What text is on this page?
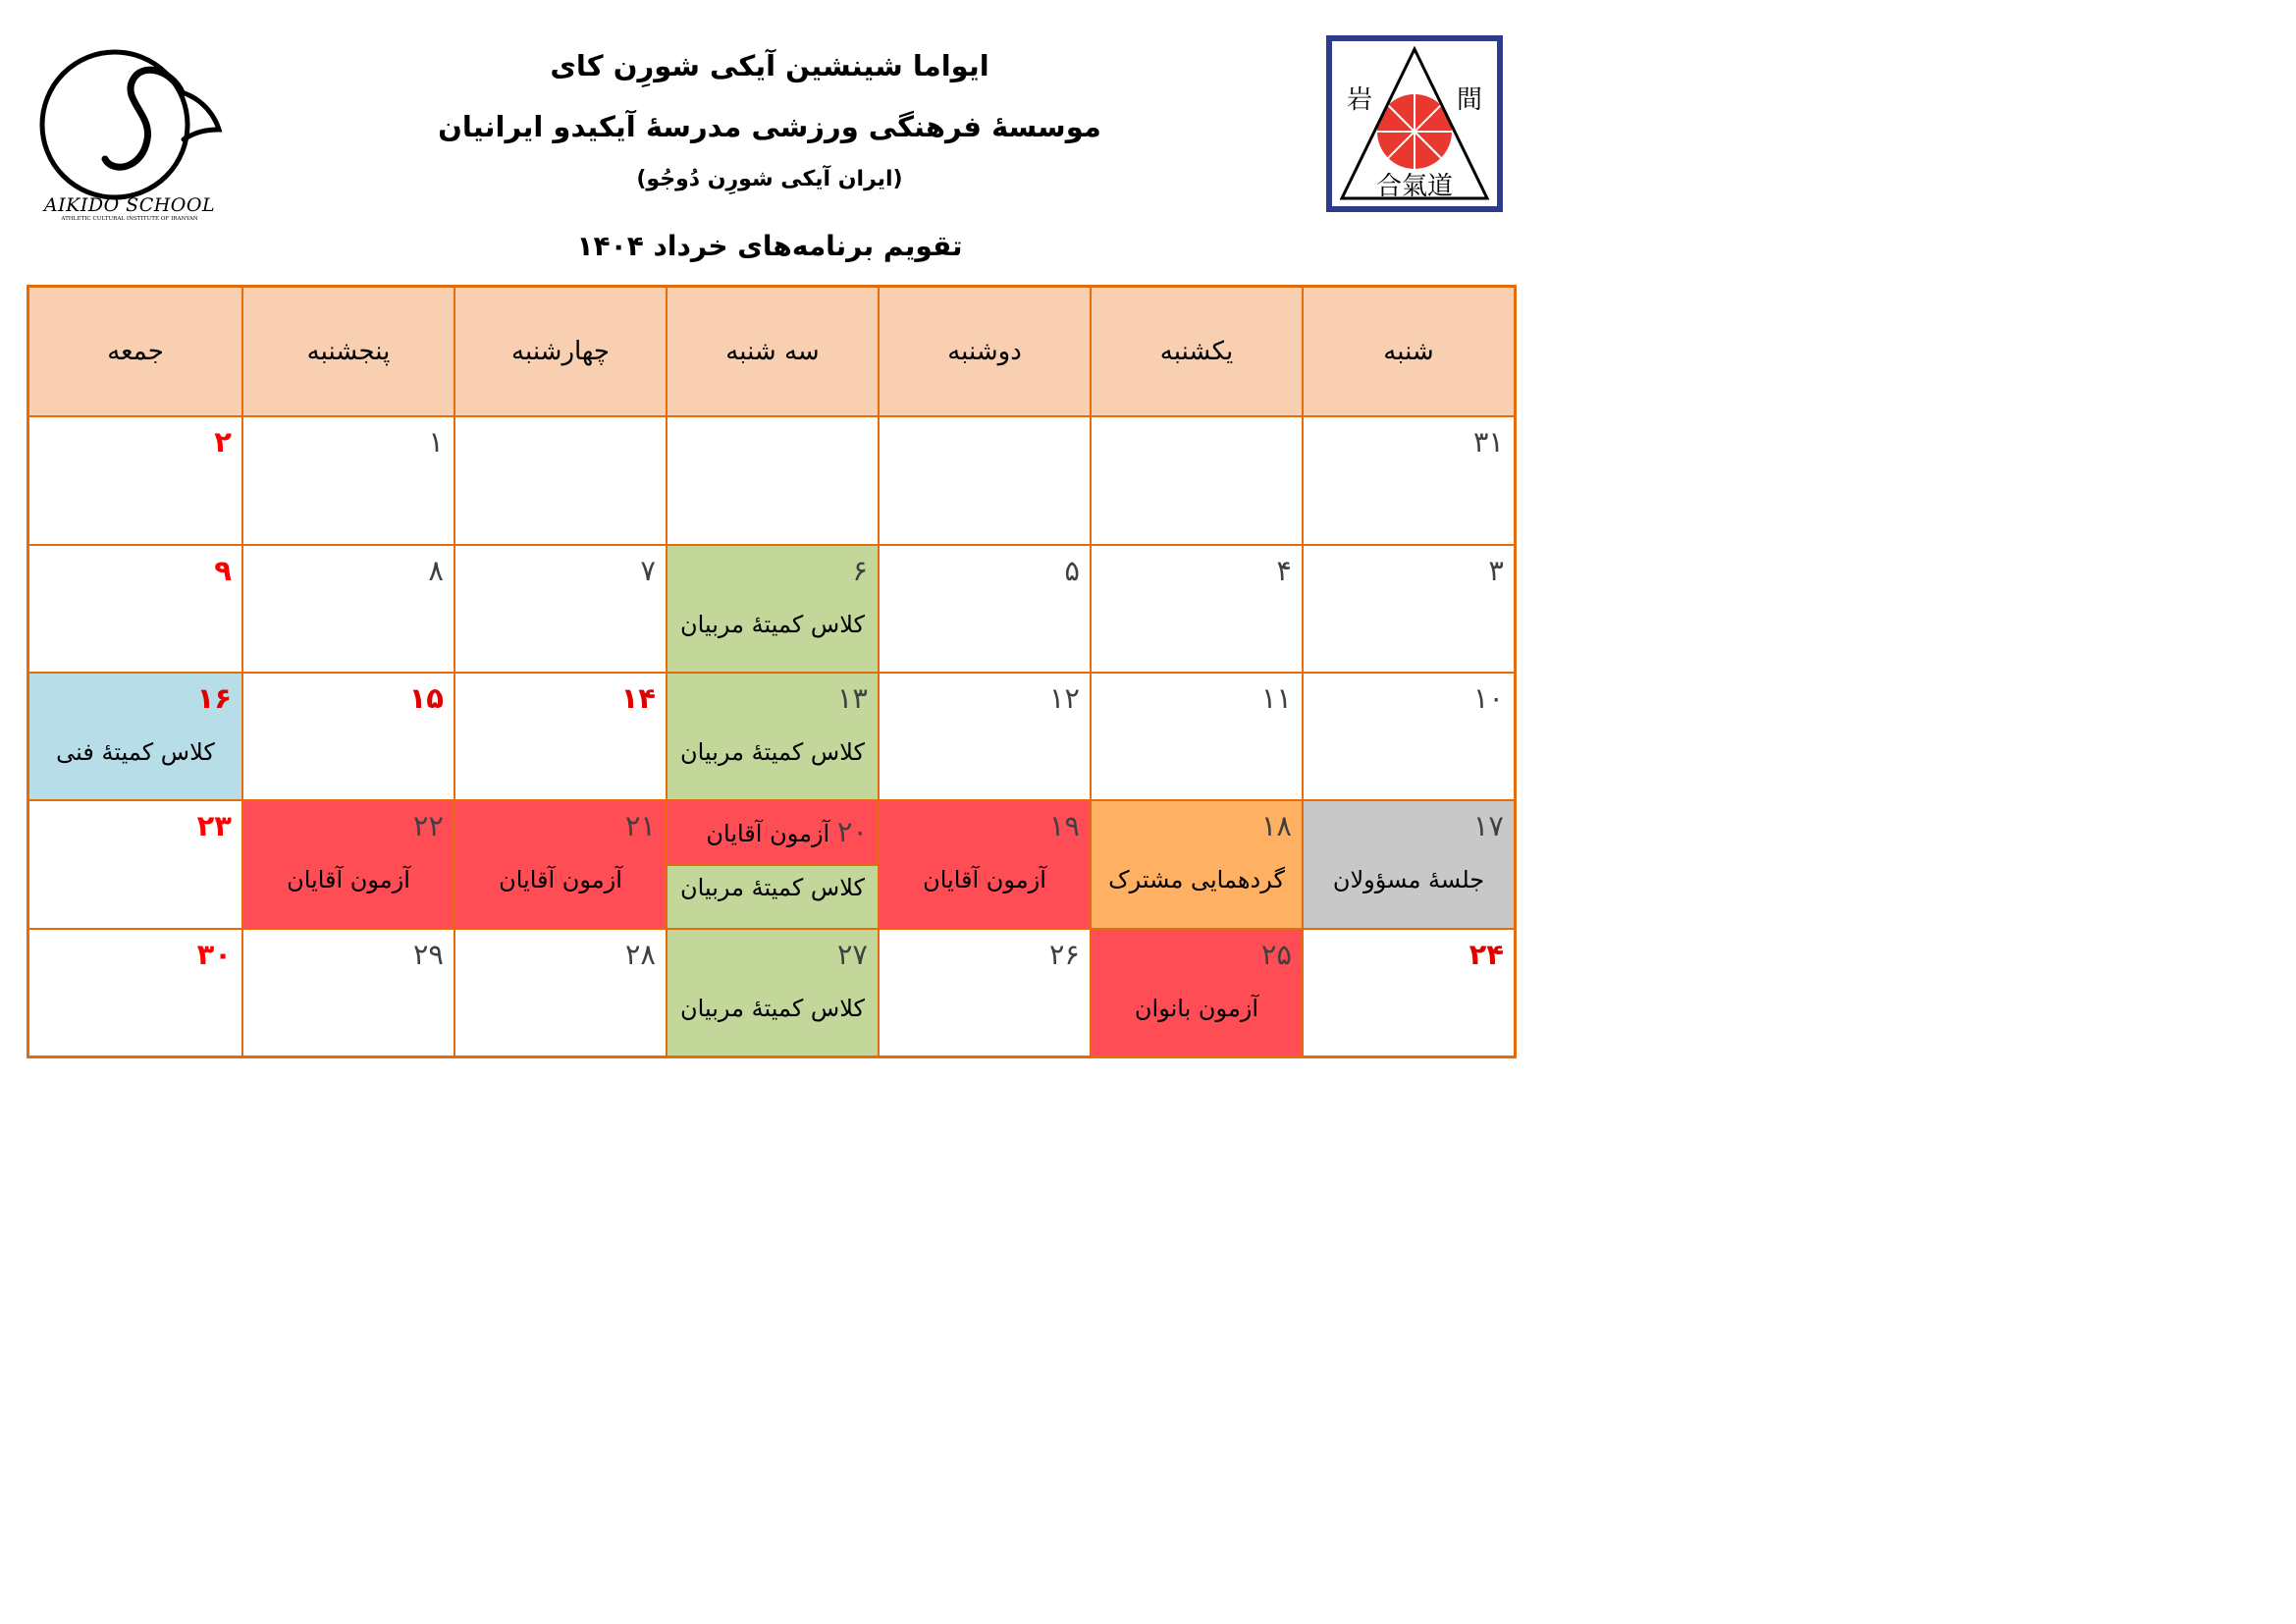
AIKIDO SCHOOL
ATHLETIC CULTURAL INSTITUTE OF IRANYAN
岩	間
合氣道
ایواما شینشین آیکی شورِن کای
موسسهٔ فرهنگی ورزشی مدرسهٔ آیکیدو ایرانیان
(ایران آیکی شورِن دُوجُو)
تقویم برنامه‌های خرداد ۱۴۰۴
شنبه
یکشنبه
دوشنبه
سه شنبه
چهارشنبه
پنجشنبه
جمعه
۳۱
۱
۲
۳
۴
۵
۶
کلاس کمیتهٔ مربیان
۷
۸
۹
۱۰
۱۱
۱۲
۱۳
کلاس کمیتهٔ مربیان
۱۴
۱۵
۱۶
کلاس کمیتهٔ فنی
۱۷
جلسهٔ مسؤولان
۱۸
گردهمایی مشترک
۱۹
آزمون آقایان
۲۰ آزمون آقایان
کلاس کمیتهٔ مربیان
۲۱
آزمون آقایان
۲۲
آزمون آقایان
۲۳
۲۴
۲۵
آزمون بانوان
۲۶
۲۷
کلاس کمیتهٔ مربیان
۲۸
۲۹
۳۰
